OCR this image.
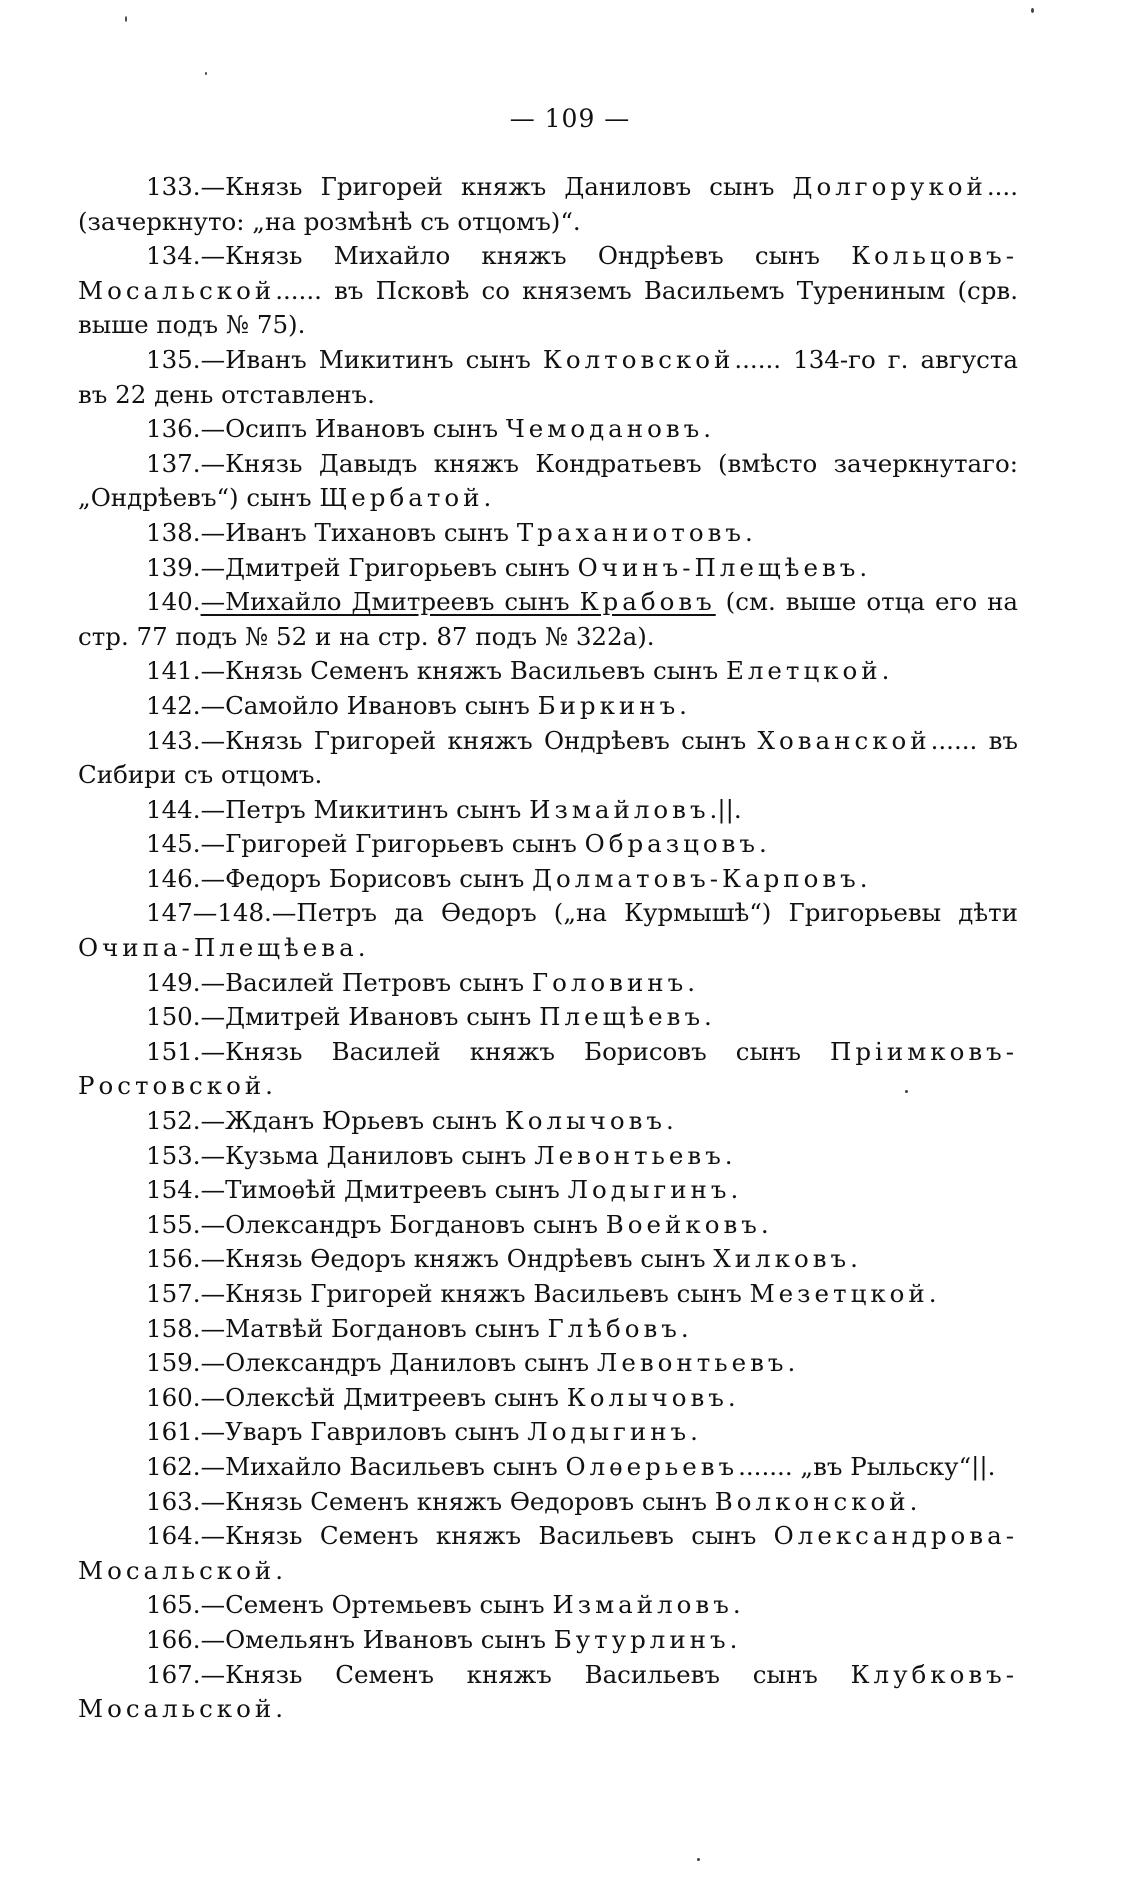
— 109 —
133.—Князь Григорей княжъ Даниловъ сынъ Долгорукой.... (зачеркнуто: „на розмѣнѣ съ отцомъ)“.
134.—Князь Михайло княжъ Ондрѣевъ сынъ Кольцовъ-Мосальской...... въ Псковѣ со княземъ Васильемъ Турениным (срв. выше подъ № 75).
135.—Иванъ Микитинъ сынъ Колтовской...... 134-го г. августа въ 22 день отставленъ.
136.—Осипъ Ивановъ сынъ Чемодановъ.
137.—Князь Давыдъ княжъ Кондратьевъ (вмѣсто зачеркнутаго: „Ондрѣевъ“) сынъ Щербатой.
138.—Иванъ Тихановъ сынъ Траханиотовъ.
139.—Дмитрей Григорьевъ сынъ Очинъ-Плещѣевъ.
140.—Михайло Дмитреевъ сынъ Крабовъ (см. выше отца его на стр. 77 подъ № 52 и на стр. 87 подъ № 322а).
141.—Князь Семенъ княжъ Васильевъ сынъ Елетцкой.
142.—Самойло Ивановъ сынъ Биркинъ.
143.—Князь Григорей княжъ Ондрѣевъ сынъ Хованской...... въ Сибири съ отцомъ.
144.—Петръ Микитинъ сынъ Измайловъ.||.
145.—Григорей Григорьевъ сынъ Образцовъ.
146.—Федоръ Борисовъ сынъ Долматовъ-Карповъ.
147—148.—Петръ да Ѳедоръ („на Курмышѣ“) Григорьевы дѣти Очипа-Плещѣева.
149.—Василей Петровъ сынъ Головинъ.
150.—Дмитрей Ивановъ сынъ Плещѣевъ.
151.—Князь Василей княжъ Борисовъ сынъ Пріимковъ-Ростовской.
152.—Жданъ Юрьевъ сынъ Колычовъ.
153.—Кузьма Даниловъ сынъ Левонтьевъ.
154.—Тимоѳѣй Дмитреевъ сынъ Лодыгинъ.
155.—Олександръ Богдановъ сынъ Воейковъ.
156.—Князь Ѳедоръ княжъ Ондрѣевъ сынъ Хилковъ.
157.—Князь Григорей княжъ Васильевъ сынъ Мезетцкой.
158.—Матвѣй Богдановъ сынъ Глѣбовъ.
159.—Олександръ Даниловъ сынъ Левонтьевъ.
160.—Олексѣй Дмитреевъ сынъ Колычовъ.
161.—Уваръ Гавриловъ сынъ Лодыгинъ.
162.—Михайло Васильевъ сынъ Олѳерьевъ....... „въ Рыльску“||.
163.—Князь Семенъ княжъ Ѳедоровъ сынъ Волконской.
164.—Князь Семенъ княжъ Васильевъ сынъ Олександрова-Мосальской.
165.—Семенъ Ортемьевъ сынъ Измайловъ.
166.—Омельянъ Ивановъ сынъ Бутурлинъ.
167.—Князь Семенъ княжъ Васильевъ сынъ Клубковъ-Мосальской.
